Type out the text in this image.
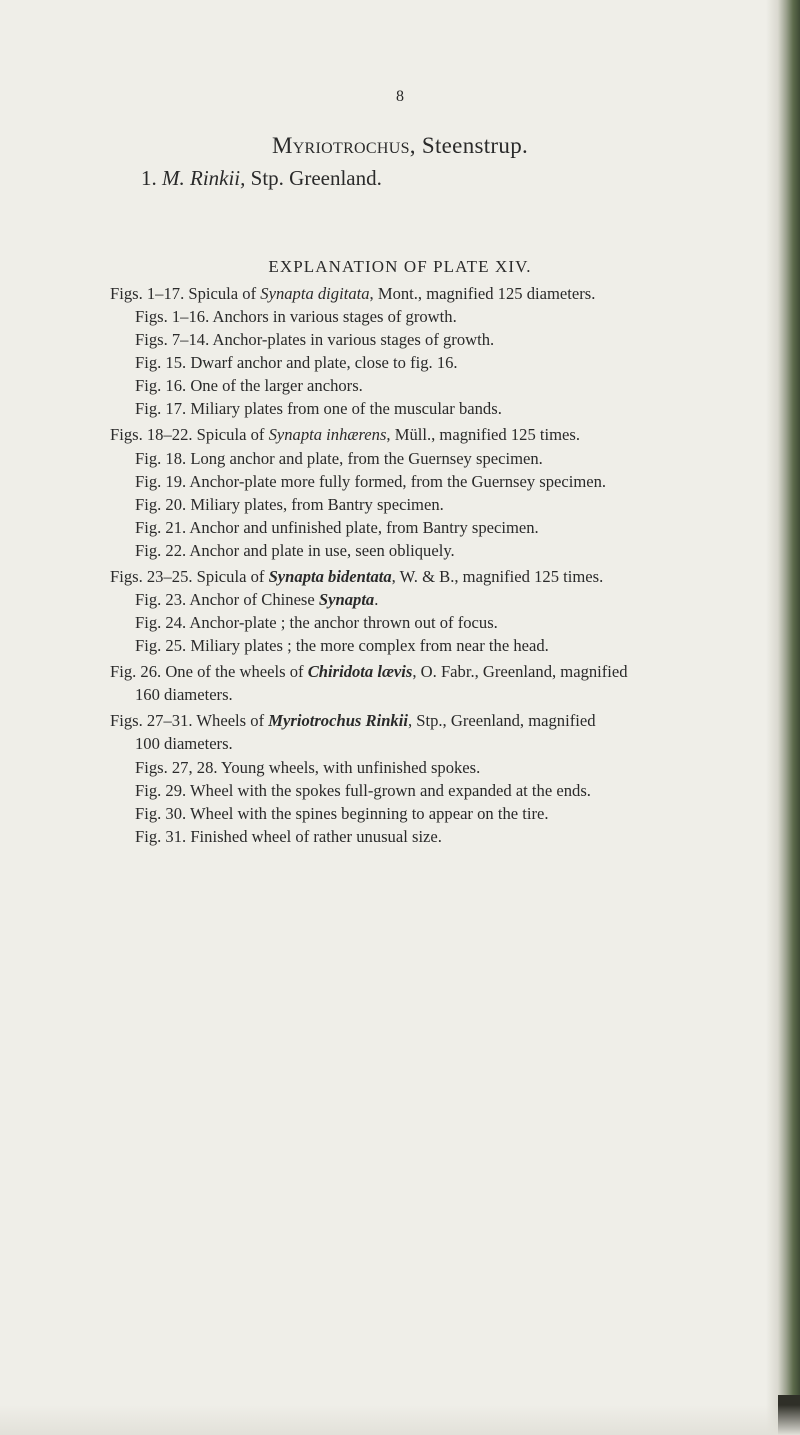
8
Myriotrochus, Steenstrup.
1. M. Rinkii, Stp. Greenland.
EXPLANATION OF PLATE XIV.
Figs. 1–17. Spicula of Synapta digitata, Mont., magnified 125 diameters.
Figs. 1–16. Anchors in various stages of growth.
Figs. 7–14. Anchor-plates in various stages of growth.
Fig. 15. Dwarf anchor and plate, close to fig. 16.
Fig. 16. One of the larger anchors.
Fig. 17. Miliary plates from one of the muscular bands.
Figs. 18–22. Spicula of Synapta inhærens, Müll., magnified 125 times.
Fig. 18. Long anchor and plate, from the Guernsey specimen.
Fig. 19. Anchor-plate more fully formed, from the Guernsey specimen.
Fig. 20. Miliary plates, from Bantry specimen.
Fig. 21. Anchor and unfinished plate, from Bantry specimen.
Fig. 22. Anchor and plate in use, seen obliquely.
Figs. 23–25. Spicula of Synapta bidentata, W. & B., magnified 125 times.
Fig. 23. Anchor of Chinese Synapta.
Fig. 24. Anchor-plate ; the anchor thrown out of focus.
Fig. 25. Miliary plates ; the more complex from near the head.
Fig. 26. One of the wheels of Chiridota lævis, O. Fabr., Greenland, magnified
160 diameters.
Figs. 27–31. Wheels of Myriotrochus Rinkii, Stp., Greenland, magnified
100 diameters.
Figs. 27, 28. Young wheels, with unfinished spokes.
Fig. 29. Wheel with the spokes full-grown and expanded at the ends.
Fig. 30. Wheel with the spines beginning to appear on the tire.
Fig. 31. Finished wheel of rather unusual size.
